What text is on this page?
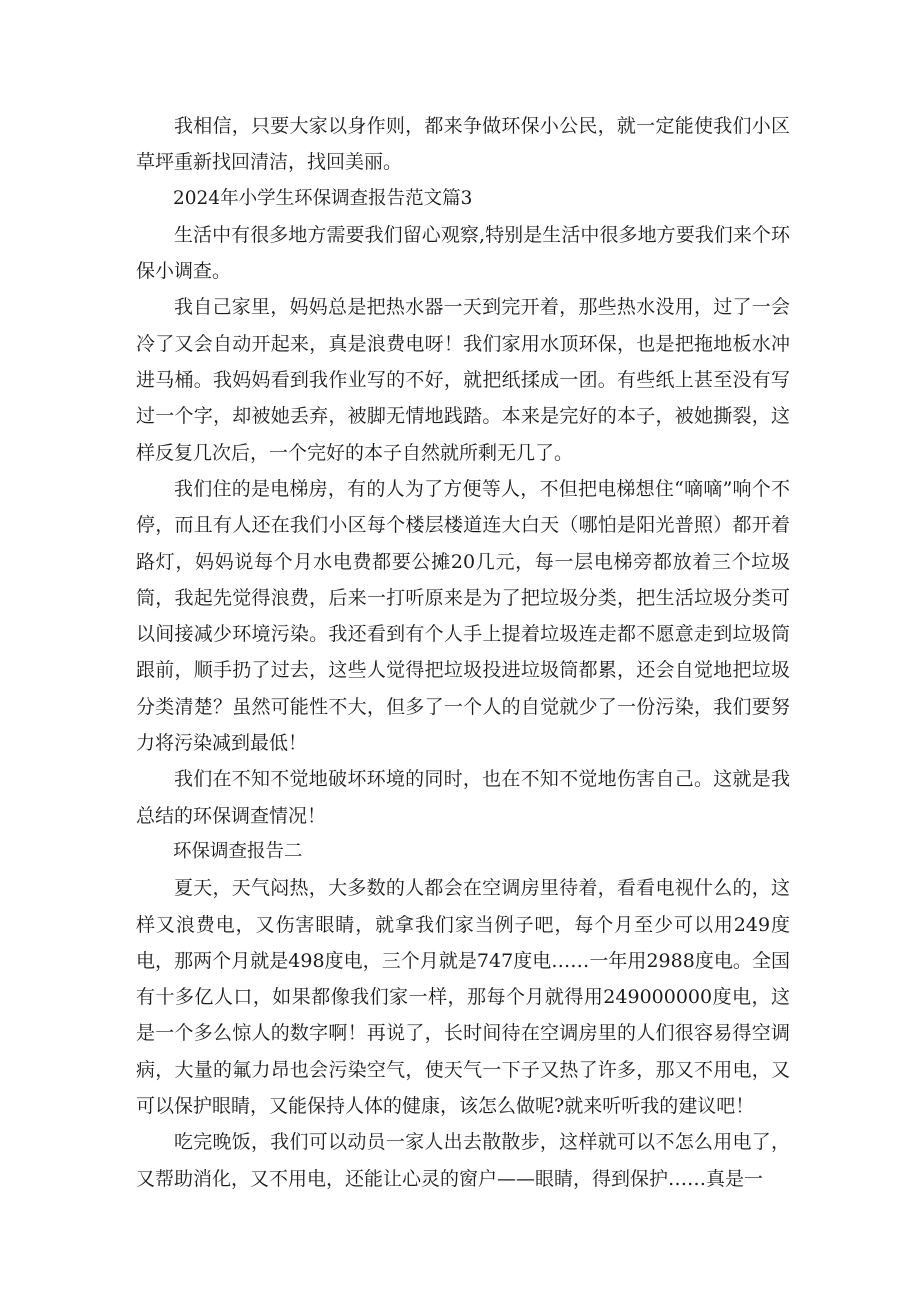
我相信，只要大家以身作则，都来争做环保小公民，就一定能使我们小区草坪重新找回清洁，找回美丽。

2024年小学生环保调查报告范文篇3

生活中有很多地方需要我们留心观察,特别是生活中很多地方要我们来个环保小调查。

我自己家里，妈妈总是把热水器一天到完开着，那些热水没用，过了一会冷了又会自动开起来，真是浪费电呀！我们家用水顶环保，也是把拖地板水冲进马桶。我妈妈看到我作业写的不好，就把纸揉成一团。有些纸上甚至没有写过一个字，却被她丢弃，被脚无情地践踏。本来是完好的本子，被她撕裂，这样反复几次后，一个完好的本子自然就所剩无几了。

我们住的是电梯房，有的人为了方便等人，不但把电梯想住“嘀嘀”响个不停，而且有人还在我们小区每个楼层楼道连大白天（哪怕是阳光普照）都开着路灯，妈妈说每个月水电费都要公摊20几元，每一层电梯旁都放着三个垃圾筒，我起先觉得浪费，后来一打听原来是为了把垃圾分类，把生活垃圾分类可以间接减少环境污染。我还看到有个人手上提着垃圾连走都不愿意走到垃圾筒跟前，顺手扔了过去，这些人觉得把垃圾投进垃圾筒都累，还会自觉地把垃圾分类清楚？虽然可能性不大，但多了一个人的自觉就少了一份污染，我们要努力将污染减到最低！

我们在不知不觉地破坏环境的同时，也在不知不觉地伤害自己。这就是我总结的环保调查情况！

环保调查报告二

夏天，天气闷热，大多数的人都会在空调房里待着，看看电视什么的，这样又浪费电，又伤害眼睛，就拿我们家当例子吧，每个月至少可以用249度电，那两个月就是498度电，三个月就是747度电……一年用2988度电。全国有十多亿人口，如果都像我们家一样，那每个月就得用249000000度电，这是一个多么惊人的数字啊！再说了，长时间待在空调房里的人们很容易得空调病，大量的氟力昂也会污染空气，使天气一下子又热了许多，那又不用电，又可以保护眼睛，又能保持人体的健康，该怎么做呢?就来听听我的建议吧！

吃完晚饭，我们可以动员一家人出去散散步，这样就可以不怎么用电了，又帮助消化，又不用电，还能让心灵的窗户——眼睛，得到保护……真是一
